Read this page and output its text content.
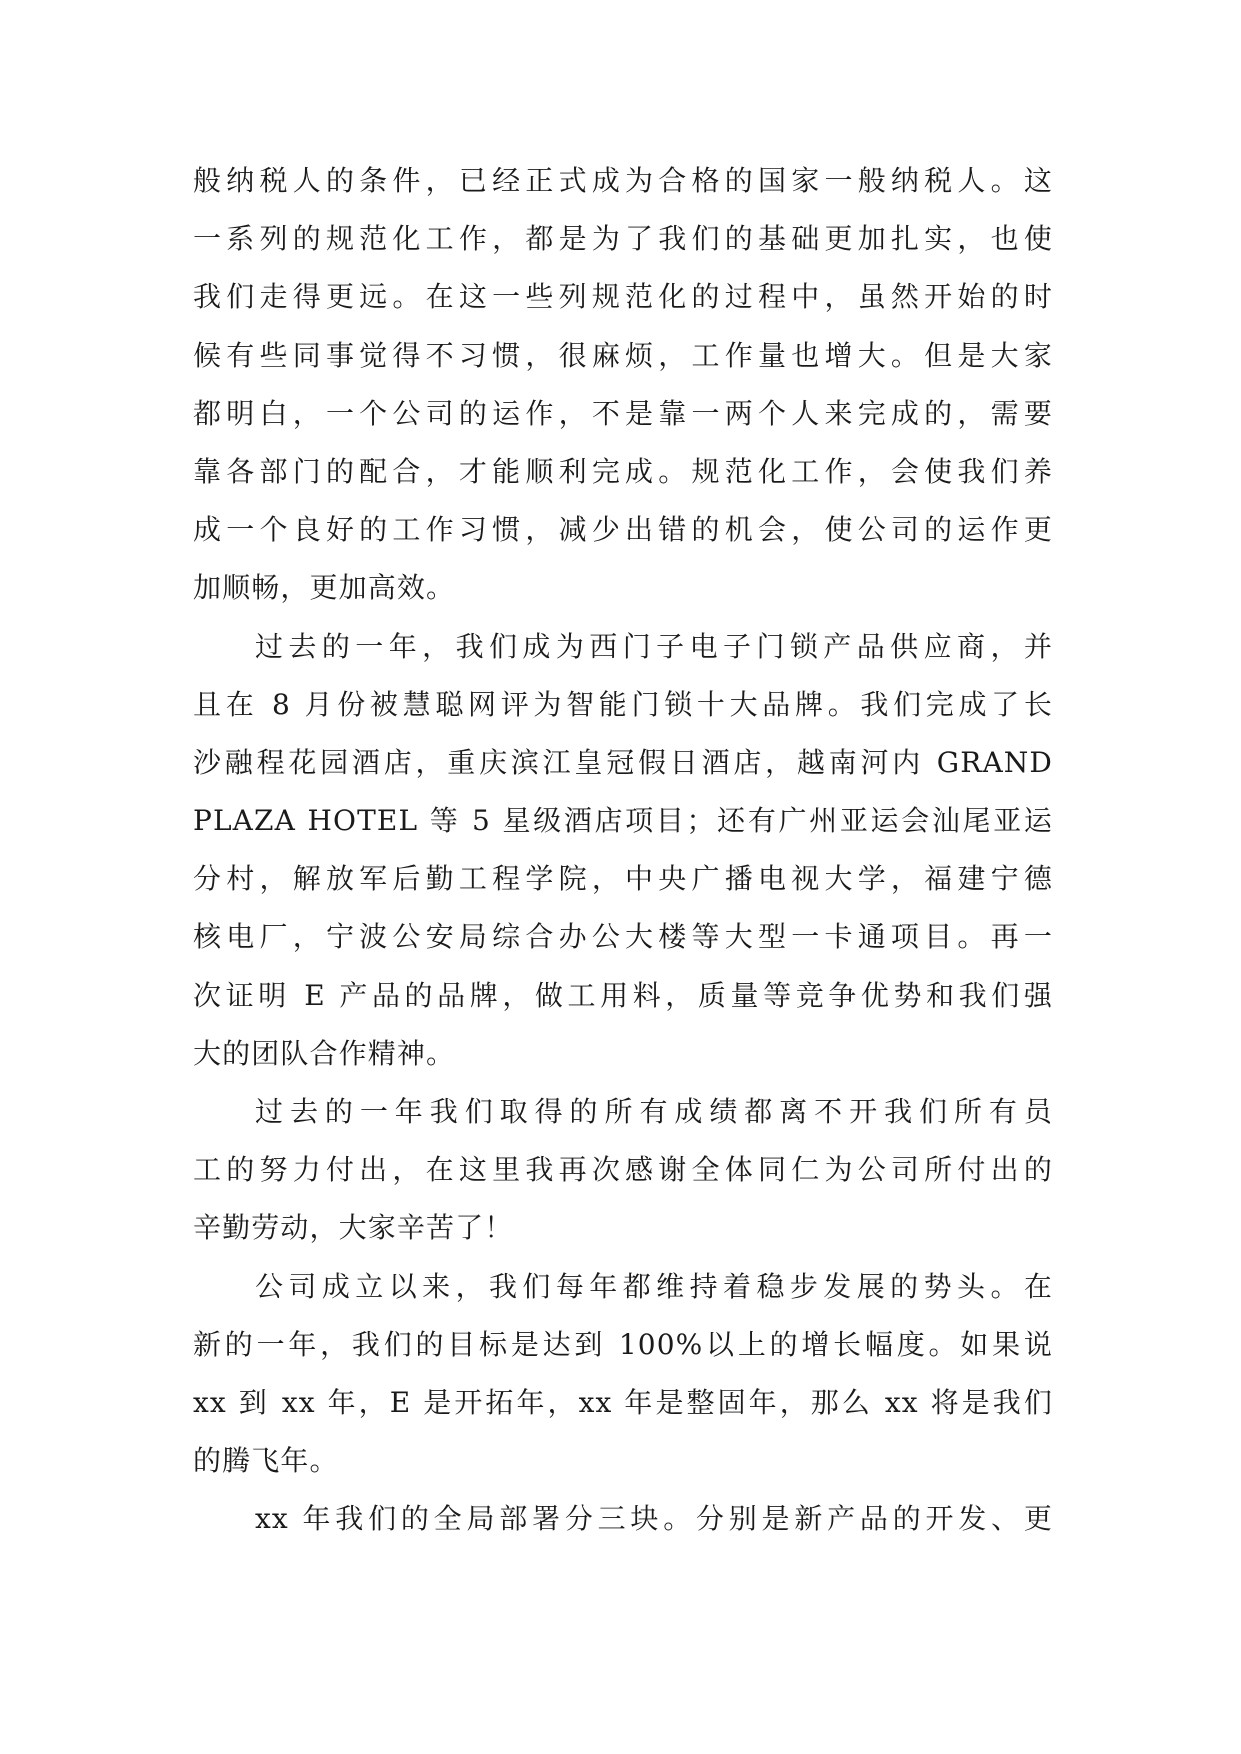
般纳税人的条件，已经正式成为合格的国家一般纳税人。这
一系列的规范化工作，都是为了我们的基础更加扎实，也使
我们走得更远。在这一些列规范化的过程中，虽然开始的时
候有些同事觉得不习惯，很麻烦，工作量也增大。但是大家
都明白，一个公司的运作，不是靠一两个人来完成的，需要
靠各部门的配合，才能顺利完成。规范化工作，会使我们养
成一个良好的工作习惯，减少出错的机会，使公司的运作更
加顺畅，更加高效。
过去的一年，我们成为西门子电子门锁产品供应商，并
且在 8 月份被慧聪网评为智能门锁十大品牌。我们完成了长
沙融程花园酒店，重庆滨江皇冠假日酒店，越南河内 GRAND
PLAZA HOTEL 等 5 星级酒店项目；还有广州亚运会汕尾亚运
分村，解放军后勤工程学院，中央广播电视大学，福建宁德
核电厂，宁波公安局综合办公大楼等大型一卡通项目。再一
次证明 E 产品的品牌，做工用料，质量等竞争优势和我们强
大的团队合作精神。
过去的一年我们取得的所有成绩都离不开我们所有员
工的努力付出，在这里我再次感谢全体同仁为公司所付出的
辛勤劳动，大家辛苦了！
公司成立以来，我们每年都维持着稳步发展的势头。在
新的一年，我们的目标是达到 100%以上的增长幅度。如果说
xx 到 xx 年，E 是开拓年，xx 年是整固年，那么 xx 将是我们
的腾飞年。
xx 年我们的全局部署分三块。分别是新产品的开发、更
